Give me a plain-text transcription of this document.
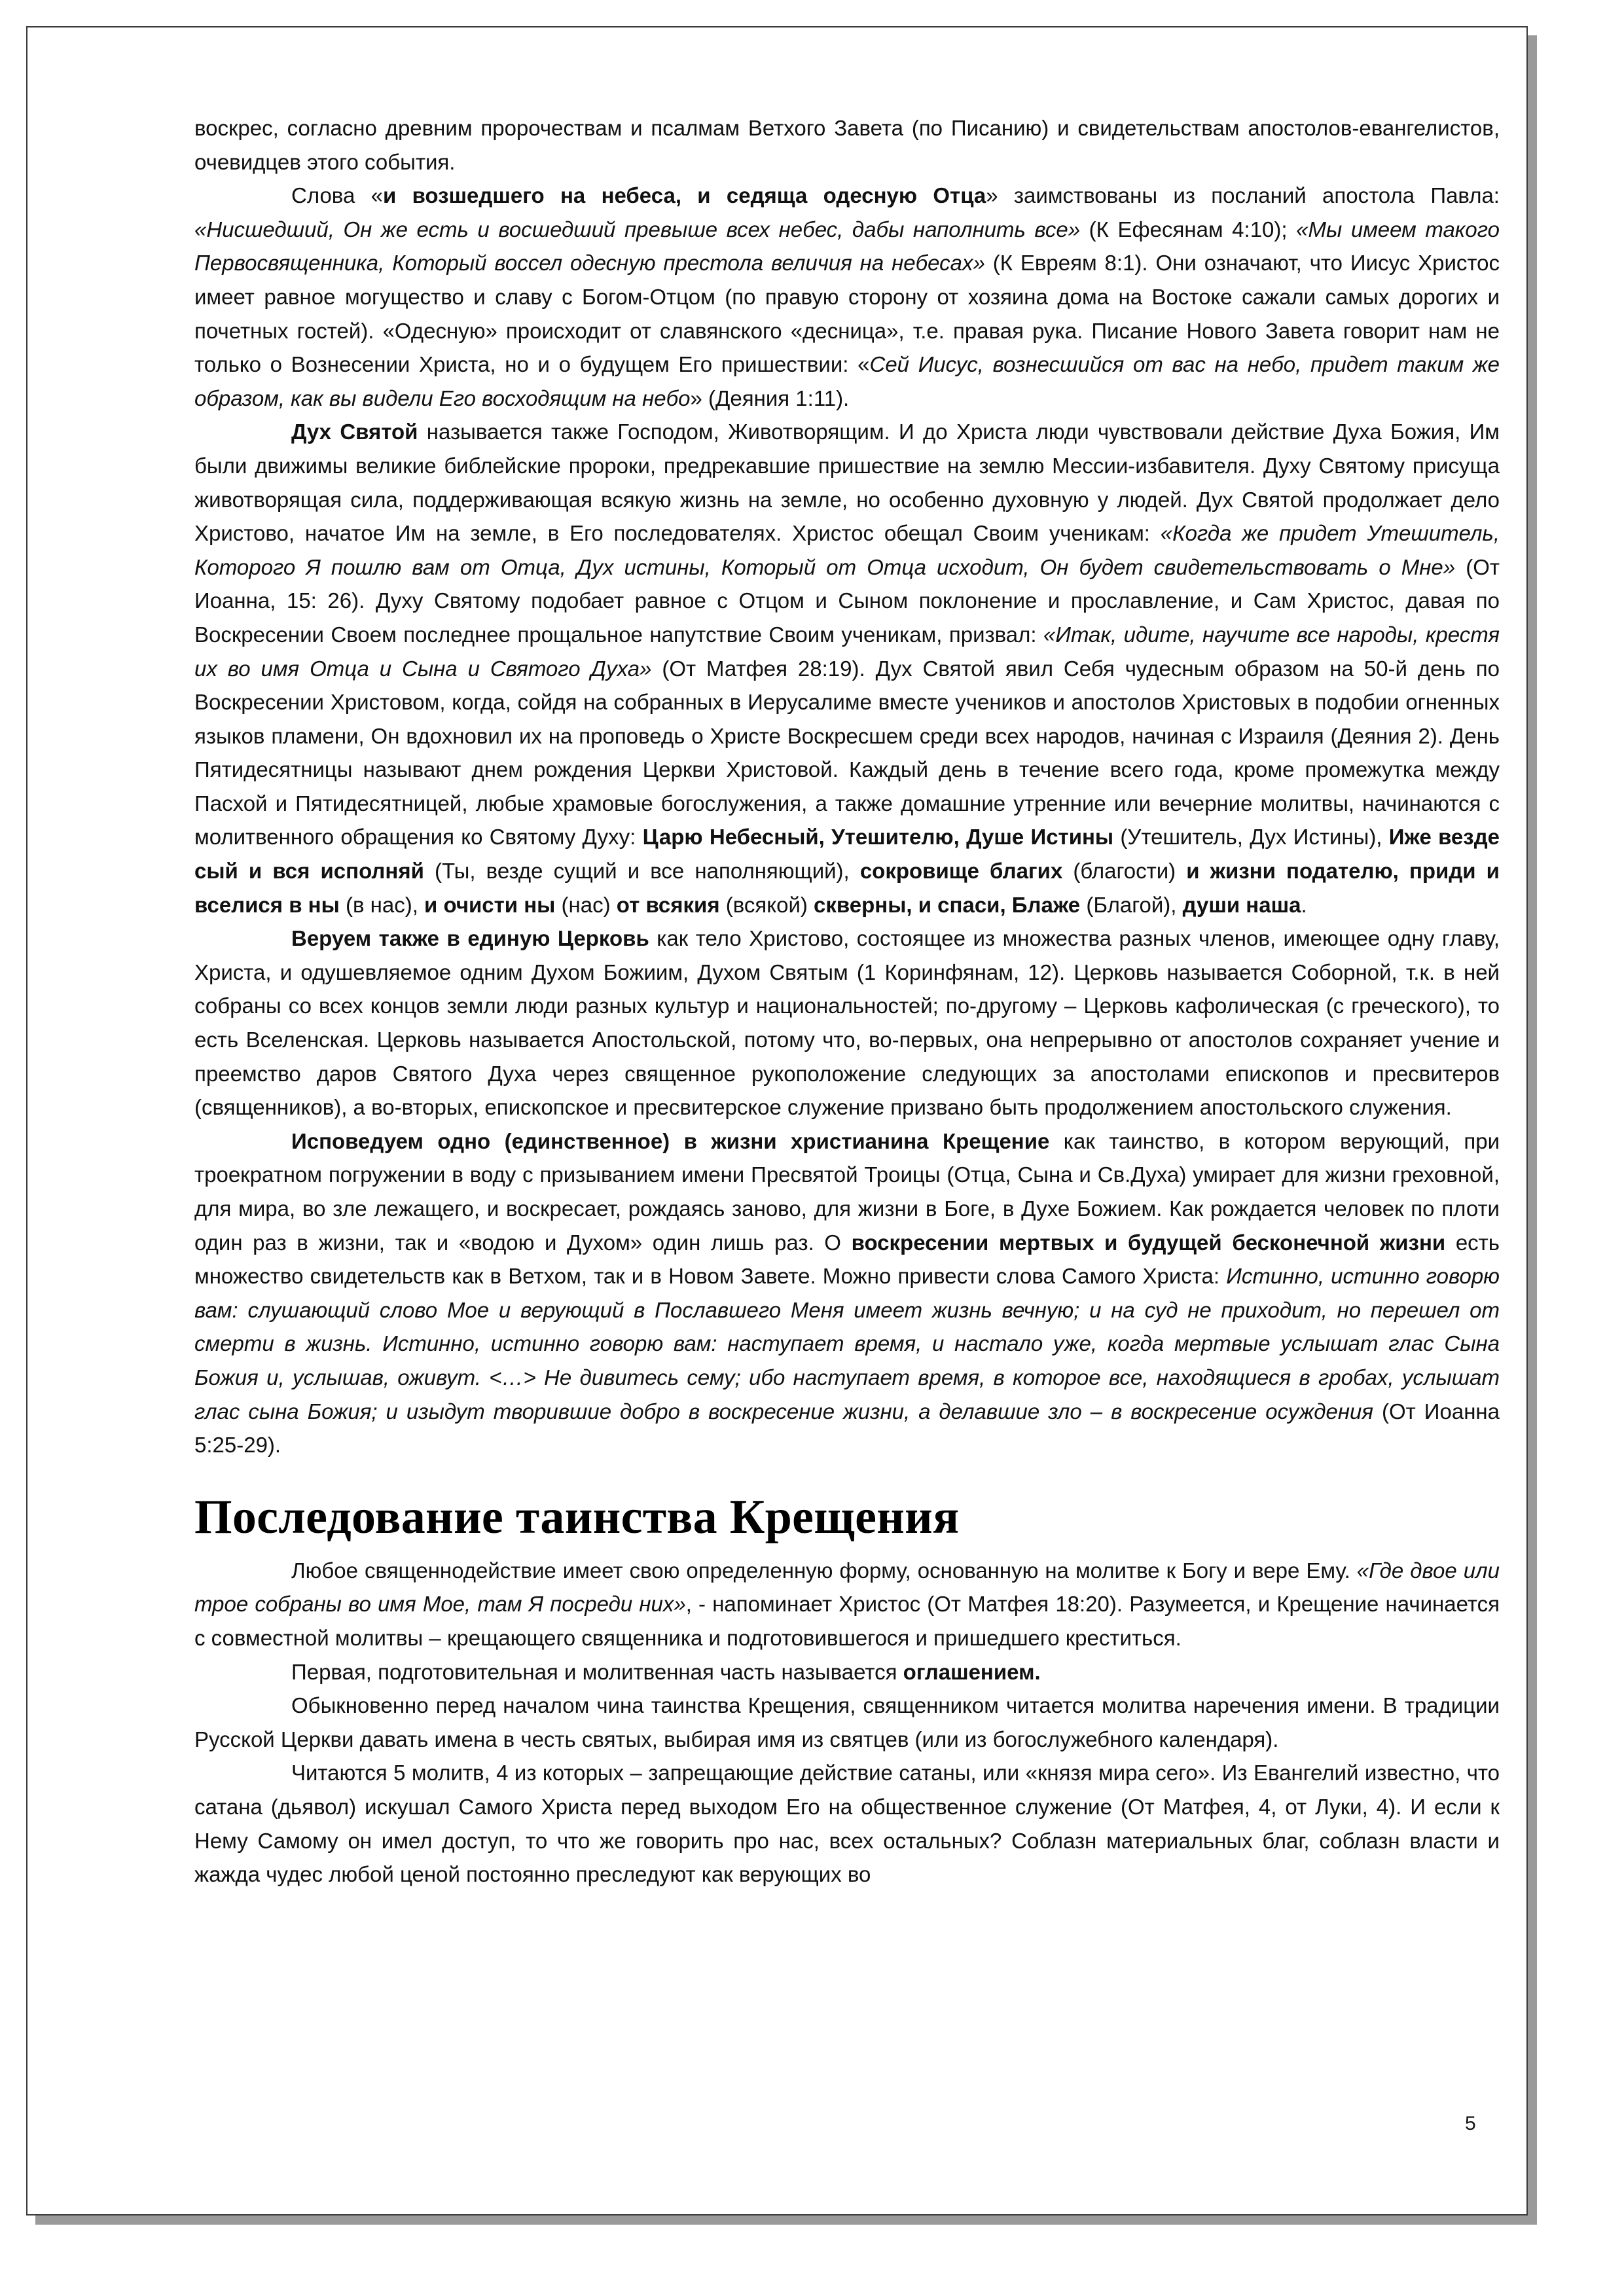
воскрес, согласно древним пророчествам и псалмам Ветхого Завета (по Писанию) и свидетельствам апостолов-евангелистов, очевидцев этого события.

Слова «и возшедшего на небеса, и седяща одесную Отца» заимствованы из посланий апостола Павла: «Нисшедший, Он же есть и восшедший превыше всех небес, дабы наполнить все» (К Ефесянам 4:10); «Мы имеем такого Первосвященника, Который воссел одесную престола величия на небесах» (К Евреям 8:1). Они означают, что Иисус Христос имеет равное могущество и славу с Богом-Отцом (по правую сторону от хозяина дома на Востоке сажали самых дорогих и почетных гостей). «Одесную» происходит от славянского «десница», т.е. правая рука. Писание Нового Завета говорит нам не только о Вознесении Христа, но и о будущем Его пришествии: «Сей Иисус, вознесшийся от вас на небо, придет таким же образом, как вы видели Его восходящим на небо» (Деяния 1:11).

Дух Святой называется также Господом, Животворящим. И до Христа люди чувствовали действие Духа Божия, Им были движимы великие библейские пророки, предрекавшие пришествие на землю Мессии-избавителя. Духу Святому присуща животворящая сила, поддерживающая всякую жизнь на земле, но особенно духовную у людей. Дух Святой продолжает дело Христово, начатое Им на земле, в Его последователях. Христос обещал Своим ученикам: «Когда же придет Утешитель, Которого Я пошлю вам от Отца, Дух истины, Который от Отца исходит, Он будет свидетельствовать о Мне» (От Иоанна, 15: 26). Духу Святому подобает равное с Отцом и Сыном поклонение и прославление, и Сам Христос, давая по Воскресении Своем последнее прощальное напутствие Своим ученикам, призвал: «Итак, идите, научите все народы, крестя их во имя Отца и Сына и Святого Духа» (От Матфея 28:19). Дух Святой явил Себя чудесным образом на 50-й день по Воскресении Христовом, когда, сойдя на собранных в Иерусалиме вместе учеников и апостолов Христовых в подобии огненных языков пламени, Он вдохновил их на проповедь о Христе Воскресшем среди всех народов, начиная с Израиля (Деяния 2). День Пятидесятницы называют днем рождения Церкви Христовой. Каждый день в течение всего года, кроме промежутка между Пасхой и Пятидесятницей, любые храмовые богослужения, а также домашние утренние или вечерние молитвы, начинаются с молитвенного обращения ко Святому Духу: Царю Небесный, Утешителю, Душе Истины (Утешитель, Дух Истины), Иже везде сый и вся исполняй (Ты, везде сущий и все наполняющий), сокровище благих (благости) и жизни подателю, приди и вселися в ны (в нас), и очисти ны (нас) от всякия (всякой) скверны, и спаси, Блаже (Благой), души наша.

Веруем также в единую Церковь как тело Христово, состоящее из множества разных членов, имеющее одну главу, Христа, и одушевляемое одним Духом Божиим, Духом Святым (1 Коринфянам, 12). Церковь называется Соборной, т.к. в ней собраны со всех концов земли люди разных культур и национальностей; по-другому – Церковь кафолическая (с греческого), то есть Вселенская. Церковь называется Апостольской, потому что, во-первых, она непрерывно от апостолов сохраняет учение и преемство даров Святого Духа через священное рукоположение следующих за апостолами епископов и пресвитеров (священников), а во-вторых, епископское и пресвитерское служение призвано быть продолжением апостольского служения.

Исповедуем одно (единственное) в жизни христианина Крещение как таинство, в котором верующий, при троекратном погружении в воду с призыванием имени Пресвятой Троицы (Отца, Сына и Св.Духа) умирает для жизни греховной, для мира, во зле лежащего, и воскресает, рождаясь заново, для жизни в Боге, в Духе Божием. Как рождается человек по плоти один раз в жизни, так и «водою и Духом» один лишь раз. О воскресении мертвых и будущей бесконечной жизни есть множество свидетельств как в Ветхом, так и в Новом Завете. Можно привести слова Самого Христа: Истинно, истинно говорю вам: слушающий слово Мое и верующий в Пославшего Меня имеет жизнь вечную; и на суд не приходит, но перешел от смерти в жизнь. Истинно, истинно говорю вам: наступает время, и настало уже, когда мертвые услышат глас Сына Божия и, услышав, оживут. <…> Не дивитесь сему; ибо наступает время, в которое все, находящиеся в гробах, услышат глас сына Божия; и изыдут творившие добро в воскресение жизни, а делавшие зло – в воскресение осуждения (От Иоанна 5:25-29).

Последование таинства Крещения

Любое священнодействие имеет свою определенную форму, основанную на молитве к Богу и вере Ему. «Где двое или трое собраны во имя Мое, там Я посреди них», - напоминает Христос (От Матфея 18:20). Разумеется, и Крещение начинается с совместной молитвы – крещающего священника и подготовившегося и пришедшего креститься.

Первая, подготовительная и молитвенная часть называется оглашением.

Обыкновенно перед началом чина таинства Крещения, священником читается молитва наречения имени. В традиции Русской Церкви давать имена в честь святых, выбирая имя из святцев (или из богослужебного календаря).

Читаются 5 молитв, 4 из которых – запрещающие действие сатаны, или «князя мира сего». Из Евангелий известно, что сатана (дьявол) искушал Самого Христа перед выходом Его на общественное служение (От Матфея, 4, от Луки, 4). И если к Нему Самому он имел доступ, то что же говорить про нас, всех остальных? Соблазн материальных благ, соблазн власти и жажда чудес любой ценой постоянно преследуют как верующих во

5
